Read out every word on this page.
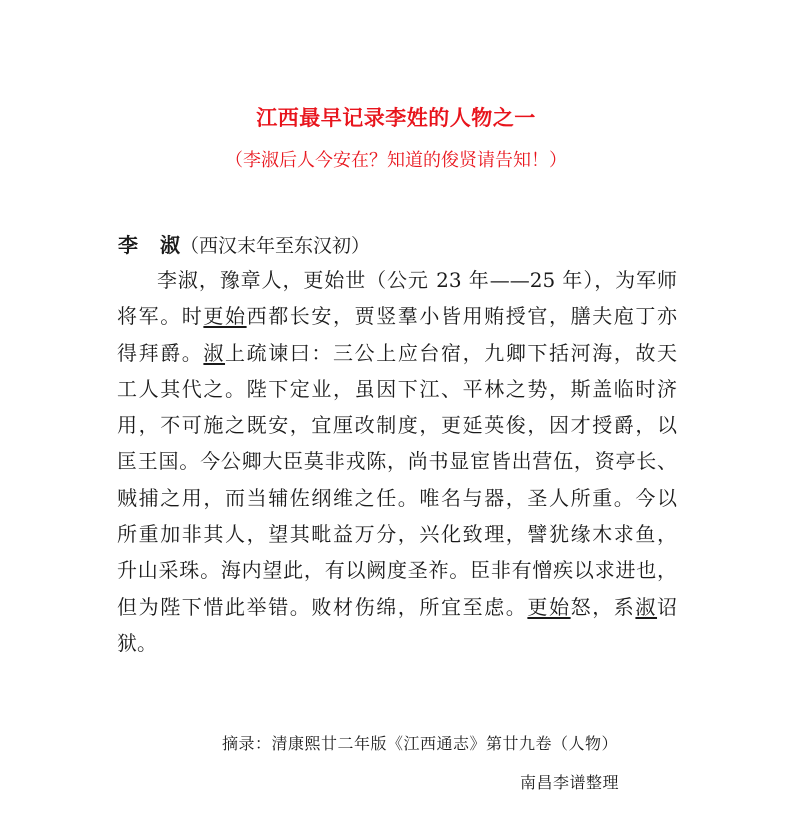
江西最早记录李姓的人物之一
（李淑后人今安在？知道的俊贤请告知！）
李 淑（西汉末年至东汉初）
李淑，豫章人，更始世（公元 23 年——25 年），为军师
将军。时更始西都长安，贾竖羣小皆用贿授官，膳夫庖丁亦
得拜爵。淑上疏谏曰：三公上应台宿，九卿下括河海，故天
工人其代之。陛下定业，虽因下江、平林之势，斯盖临时济
用，不可施之既安，宜厘改制度，更延英俊，因才授爵，以
匡王国。今公卿大臣莫非戎陈，尚书显宦皆出营伍，资亭长、
贼捕之用，而当辅佐纲维之任。唯名与器，圣人所重。今以
所重加非其人，望其毗益万分，兴化致理，譬犹缘木求鱼，
升山采珠。海内望此，有以阙度圣祚。臣非有憎疾以求进也，
但为陛下惜此举错。败材伤绵，所宜至虑。更始怒，系淑诏
狱。
摘录：清康熙廿二年版《江西通志》第廿九卷（人物）
南昌李谱整理
